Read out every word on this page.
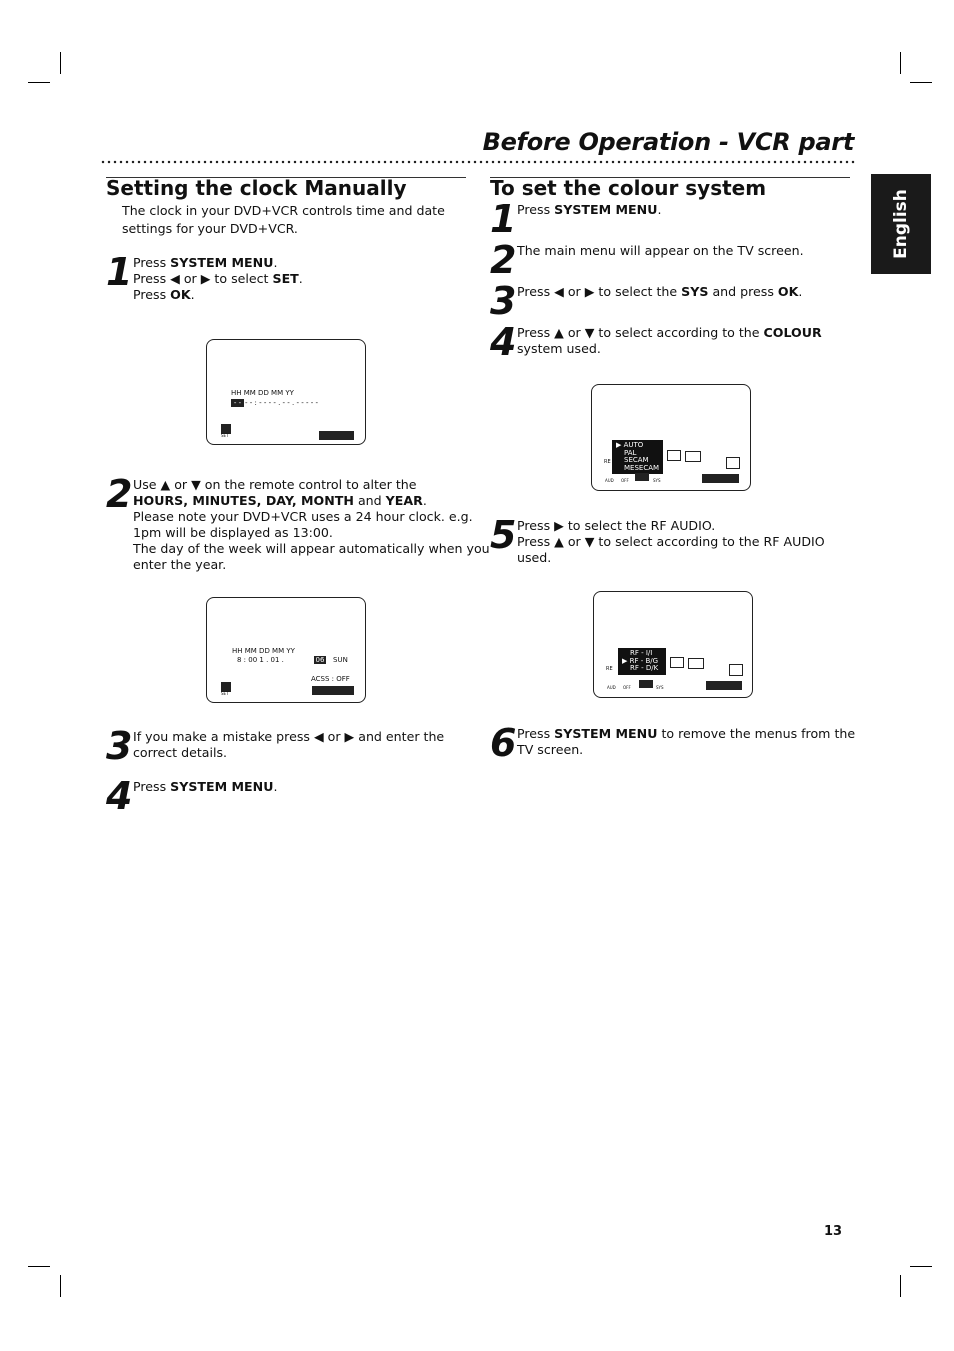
Before Operation - VCR part
English
Setting the clock Manually
The clock in your DVD+VCR controls time and date
settings for your DVD+VCR.
1 Press SYSTEM MENU.
Press ◀ or ▶ to select SET.
Press OK.
HH MM DD MM YY
- - - - : - - - - . - - . - - - - -
SET
2 Use ▲ or ▼ on the remote control to alter the
HOURS, MINUTES, DAY, MONTH and YEAR.
Please note your DVD+VCR uses a 24 hour clock. e.g.
1pm will be displayed as 13:00.
The day of the week will appear automatically when you
enter the year.
HH MM DD MM YY
8 : 00 1 . 01 .	06 SUN
ACSS : OFF
SET
3 If you make a mistake press ◀ or ▶ and enter the
correct details.
4 Press SYSTEM MENU.
To set the colour system
1 Press SYSTEM MENU.
2 The main menu will appear on the TV screen.
3 Press ◀ or ▶ to select the SYS and press OK.
4 Press ▲ or ▼ to select according to the COLOUR
system used.
▶ AUTO
PAL
SECAM
MESECAM
RE
AUD OFF	SYS
5 Press ▶ to select the RF AUDIO.
Press ▲ or ▼ to select according to the RF AUDIO
used.
RF - I/I
▶ RF - B/G
RF - D/K
RE
AUD OFF	SYS
6 Press SYSTEM MENU to remove the menus from the
TV screen.
13
